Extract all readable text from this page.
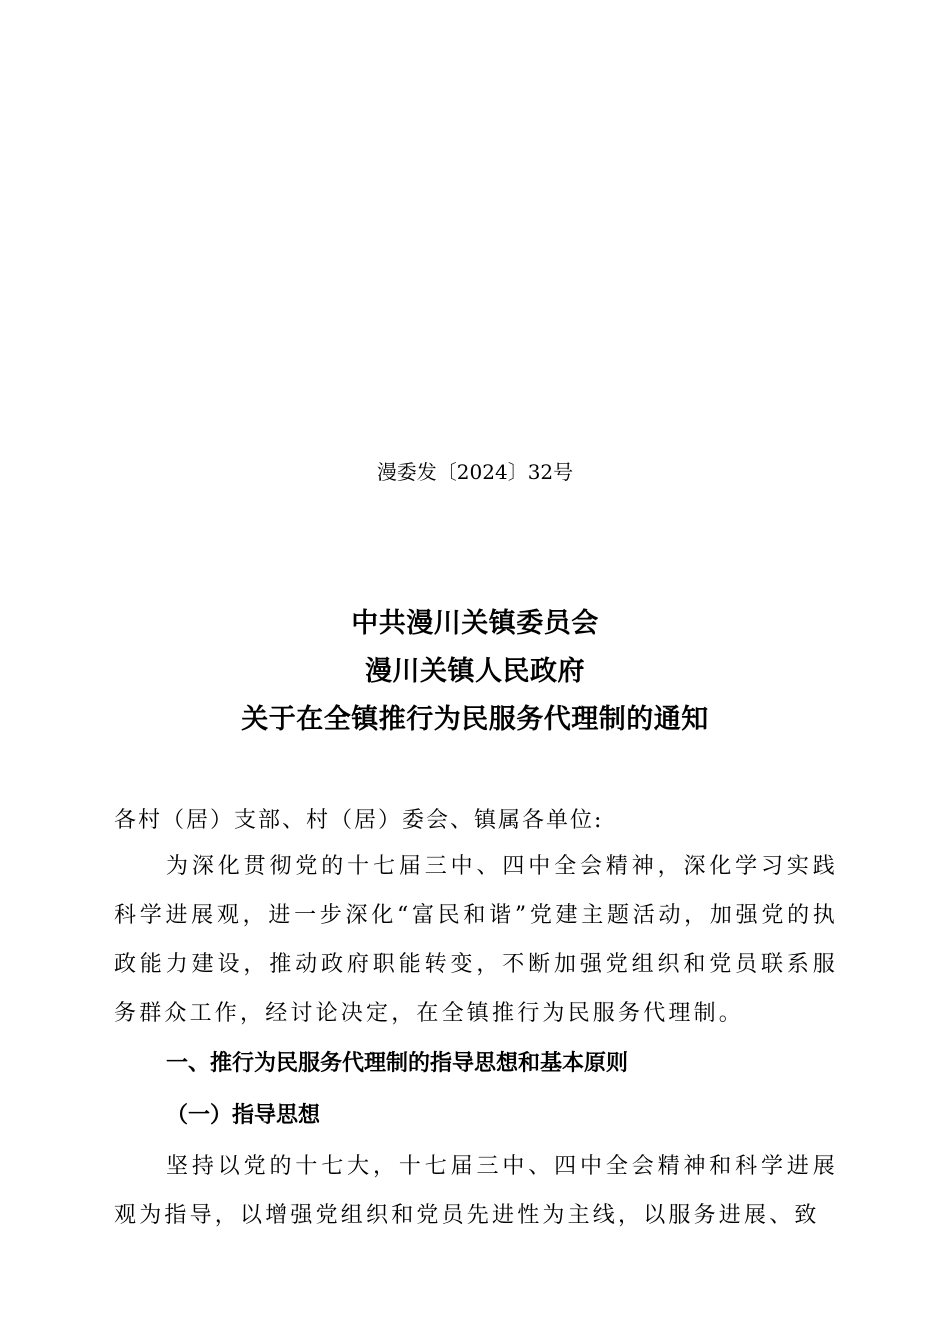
漫委发〔2024〕32号
中共漫川关镇委员会
漫川关镇人民政府
关于在全镇推行为民服务代理制的通知
各村（居）支部、村（居）委会、镇属各单位:

为深化贯彻党的十七届三中、四中全会精神，深化学习实践科学进展观，进一步深化“富民和谐”党建主题活动，加强党的执政能力建设，推动政府职能转变，不断加强党组织和党员联系服务群众工作，经讨论决定，在全镇推行为民服务代理制。

一、推行为民服务代理制的指导思想和基本原则
（一）指导思想

坚持以党的十七大，十七届三中、四中全会精神和科学进展观为指导，以增强党组织和党员先进性为主线，以服务进展、致
